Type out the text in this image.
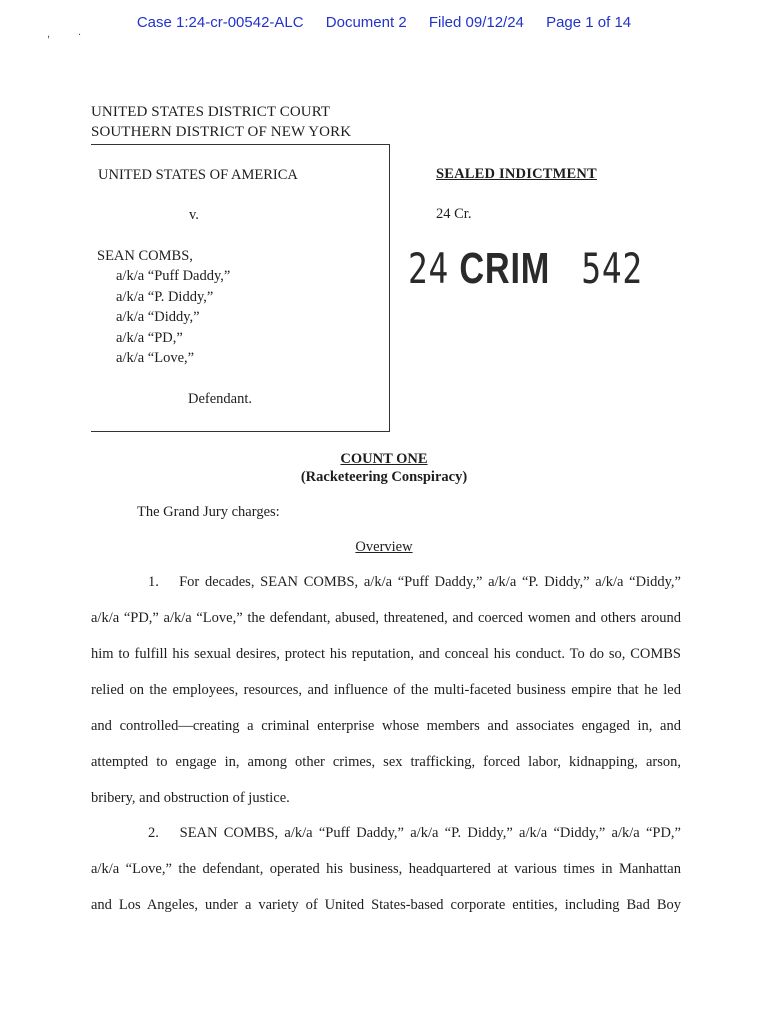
Case 1:24-cr-00542-ALC Document 2 Filed 09/12/24 Page 1 of 14
,	.
UNITED STATES DISTRICT COURT
SOUTHERN DISTRICT OF NEW YORK
UNITED STATES OF AMERICA
v.
SEAN COMBS,
a/k/a “Puff Daddy,”
a/k/a “P. Diddy,”
a/k/a “Diddy,”
a/k/a “PD,”
a/k/a “Love,”
Defendant.
SEALED INDICTMENT
24 Cr.
24 CRIM 542
COUNT ONE
(Racketeering Conspiracy)
The Grand Jury charges:
Overview
1.  For decades, SEAN COMBS, a/k/a “Puff Daddy,” a/k/a “P. Diddy,” a/k/a “Diddy,”
a/k/a “PD,” a/k/a “Love,” the defendant, abused, threatened, and coerced women and others around
him to fulfill his sexual desires, protect his reputation, and conceal his conduct. To do so, COMBS
relied on the employees, resources, and influence of the multi-faceted business empire that he led
and controlled—creating a criminal enterprise whose members and associates engaged in, and
attempted to engage in, among other crimes, sex trafficking, forced labor, kidnapping, arson,
bribery, and obstruction of justice.
2.  SEAN COMBS, a/k/a “Puff Daddy,” a/k/a “P. Diddy,” a/k/a “Diddy,” a/k/a “PD,”
a/k/a “Love,” the defendant, operated his business, headquartered at various times in Manhattan
and Los Angeles, under a variety of United States-based corporate entities, including Bad Boy
